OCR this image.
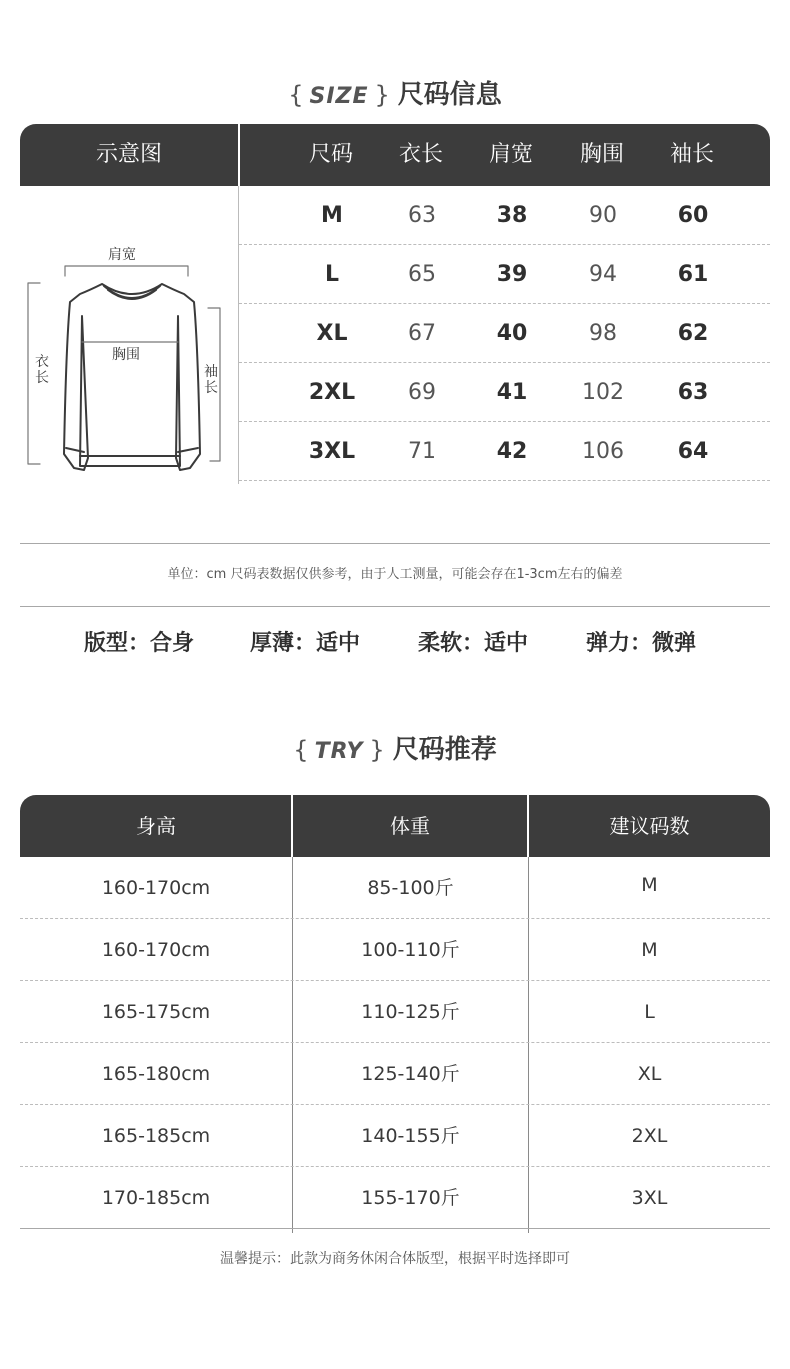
{ SIZE } 尺码信息
示意图	尺码	衣长	肩宽	胸围	袖长
M	63	38	90	60
L	65	39	94	61
XL	67	40	98	62
2XL	69	41	102	63
3XL	71	42	106	64
肩宽
胸围
衣
长	袖
长
单位：cm 尺码表数据仅供参考，由于人工测量，可能会存在1-3cm左右的偏差
版型：合身	厚薄：适中	柔软：适中	弹力：微弹
{ TRY } 尺码推荐
身高	体重	建议码数
160-170cm	85-100斤	M
160-170cm	100-110斤	M
165-175cm	110-125斤	L
165-180cm	125-140斤	XL
165-185cm	140-155斤	2XL
170-185cm	155-170斤	3XL
温馨提示：此款为商务休闲合体版型，根据平时选择即可
